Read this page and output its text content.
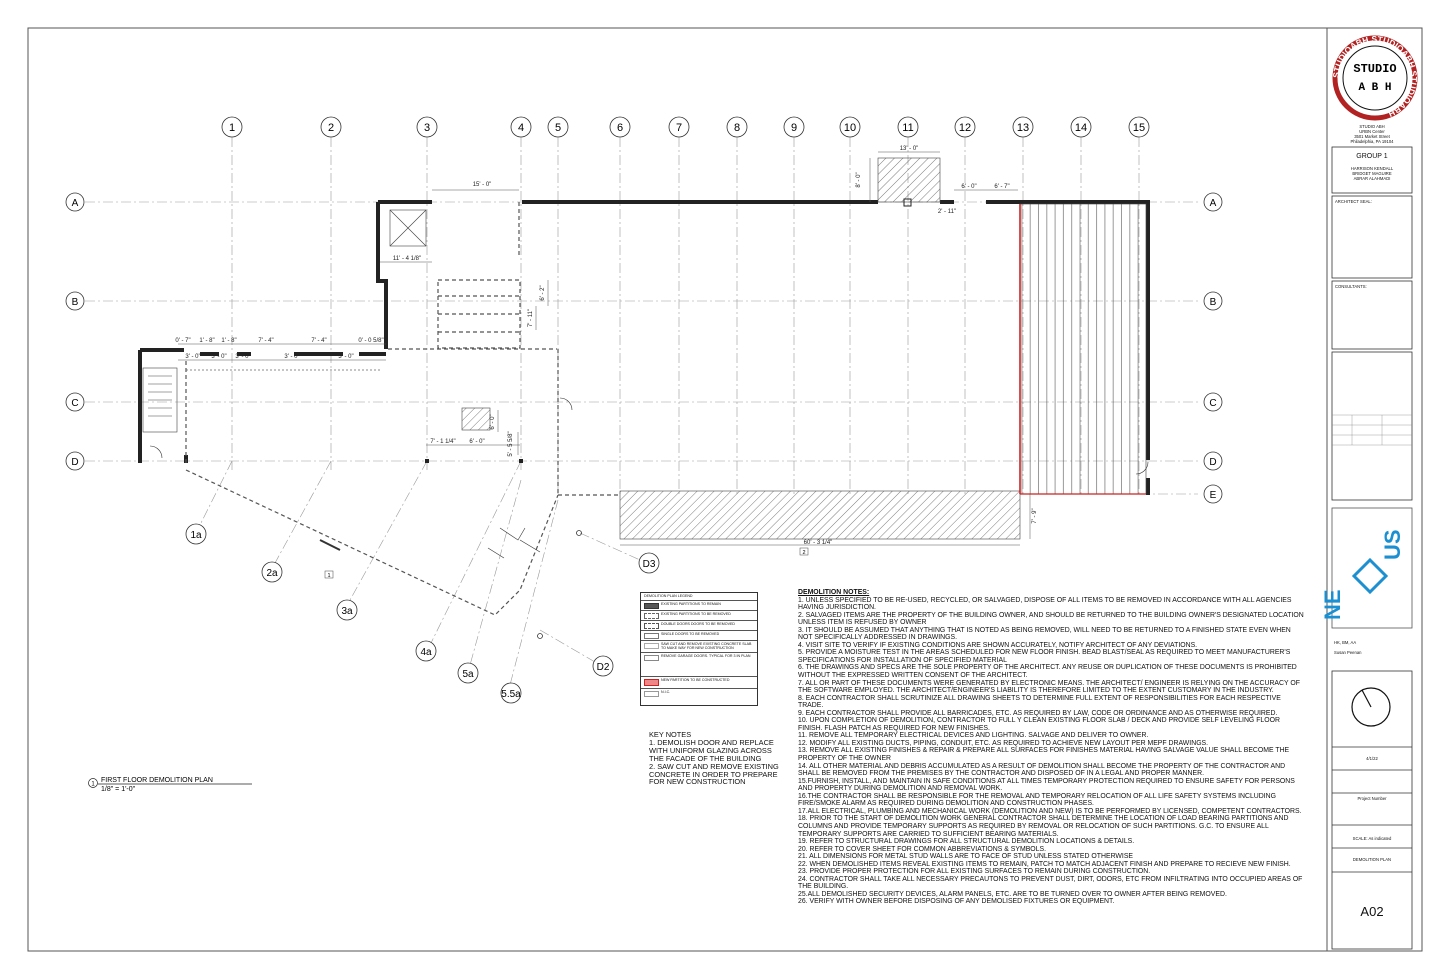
1	2	3	4	5	6	7	8	9	10	11	12	13	14	15
A	A
B	B
C	C
D	D
E
1a
2a
3a
4a
5a
5.5a
D2
D3
15' - 0"
13' - 0"
8' - 0"	6' - 0"	6' - 7"
2' - 11"
11' - 4 1/8"
6' - 2"
7' - 11"
0' - 7" 1' - 8" 1' - 8"	7' - 4"	7' - 4"
3' - 0" 3' - 0" 3' - 0"	3' - 0"	3' - 0"
0' - 0 5/8"
6' - 0"
6' - 0"
7' - 1 1/4"	5' - 5 5/8"
7' - 9"
60' - 3 1/4"
2
1
STUDIO
A B H
NE
US
1
FIRST FLOOR DEMOLITION PLAN
1/8" = 1'-0"
STUDIOABH STUDIOABH STUDIOABH
DEMOLITION PLAN LEGEND
EXISTING PARTITIONS TO REMAIN
EXISTING PARTITIONS TO BE REMOVED
DOUBLE DOORS DOORS TO BE REMOVED
SINGLE DOORS TO BE REMOVED
SAW CUT AND REMOVE EXISTING CONCRETE SLAB TO MAKE WAY FOR NEW CONSTRUCTION
REMOVE GARAGE DOORS. TYPICAL FOR 3 IN PLAN
NEW PARTITION TO BE CONSTRUCTED
N.I.C.
KEY NOTES
1. DEMOLISH DOOR AND REPLACE WITH UNIFORM GLAZING ACROSS THE FACADE OF THE BUILDING
2. SAW CUT AND REMOVE EXISTING CONCRETE IN ORDER TO PREPARE FOR NEW CONSTRUCTION
DEMOLITION NOTES:
1. UNLESS SPECIFIED TO BE RE-USED, RECYCLED, OR SALVAGED, DISPOSE OF ALL ITEMS TO BE REMOVED IN ACCORDANCE WITH ALL AGENCIES HAVING JURISDICTION.
2. SALVAGED ITEMS ARE THE PROPERTY OF THE BUILDING OWNER, AND SHOULD BE RETURNED TO THE BUILDING OWNER'S DESIGNATED LOCATION UNLESS ITEM IS REFUSED BY OWNER
3. IT SHOULD BE ASSUMED THAT ANYTHING THAT IS NOTED AS BEING REMOVED, WILL NEED TO BE RETURNED TO A FINISHED STATE EVEN WHEN NOT SPECIFICALLY ADDRESSED IN DRAWINGS.
4. VISIT SITE TO VERIFY IF EXISTING CONDITIONS ARE SHOWN ACCURATELY, NOTIFY ARCHITECT OF ANY DEVIATIONS.
5. PROVIDE A MOISTURE TEST IN THE AREAS SCHEDULED FOR NEW FLOOR FINISH. BEAD BLAST/SEAL AS REQUIRED TO MEET MANUFACTURER'S SPECIFICATIONS FOR INSTALLATION OF SPECIFIED MATERIAL
6. THE DRAWINGS AND SPECS ARE THE SOLE PROPERTY OF THE ARCHITECT. ANY REUSE OR DUPLICATION OF THESE DOCUMENTS IS PROHIBITED WITHOUT THE EXPRESSED WRITTEN CONSENT OF THE ARCHITECT.
7. ALL OR PART OF THESE DOCUMENTS WERE GENERATED BY ELECTRONIC MEANS. THE ARCHITECT/ ENGINEER IS RELYING ON THE ACCURACY OF THE SOFTWARE EMPLOYED. THE ARCHITECT/ENGINEER'S LIABILITY IS THEREFORE LIMITED TO THE EXTENT CUSTOMARY IN THE INDUSTRY.
8. EACH CONTRACTOR SHALL SCRUTINIZE ALL DRAWING SHEETS TO DETERMINE FULL EXTENT OF RESPONSIBILITIES FOR EACH RESPECTIVE TRADE.
9. EACH CONTRACTOR SHALL PROVIDE ALL BARRICADES, ETC. AS REQUIRED BY LAW, CODE OR ORDINANCE AND AS OTHERWISE REQUIRED.
10. UPON COMPLETION OF DEMOLITION, CONTRACTOR TO FULL Y CLEAN EXISTING FLOOR SLAB / DECK AND PROVIDE SELF LEVELING FLOOR FINISH. FLASH PATCH AS REQUIRED FOR NEW FINISHES.
11. REMOVE ALL TEMPORARY ELECTRICAL DEVICES AND LIGHTING. SALVAGE AND DELIVER TO OWNER.
12. MODIFY ALL EXISTING DUCTS, PIPING, CONDUIT, ETC. AS REQUIRED TO ACHIEVE NEW LAYOUT PER MEPF DRAWINGS.
13. REMOVE ALL EXISTING FINISHES & REPAIR & PREPARE ALL SURFACES FOR FINISHES MATERIAL HAVING SALVAGE VALUE SHALL BECOME THE PROPERTY OF THE OWNER
14. ALL OTHER MATERIAL AND DEBRIS ACCUMULATED AS A RESULT OF DEMOLITION SHALL BECOME THE PROPERTY OF THE CONTRACTOR AND SHALL BE REMOVED FROM THE PREMISES BY THE CONTRACTOR AND DISPOSED OF IN A LEGAL AND PROPER MANNER.
15.FURNISH, INSTALL, AND MAINTAIN IN SAFE CONDITIONS AT ALL TIMES TEMPORARY PROTECTION REQUIRED TO ENSURE SAFETY FOR PERSONS AND PROPERTY DURING DEMOLITION AND REMOVAL WORK.
16.THE CONTRACTOR SHALL BE RESPONSIBLE FOR THE REMOVAL AND TEMPORARY RELOCATION OF ALL LIFE SAFETY SYSTEMS INCLUDING FIRE/SMOKE ALARM AS REQUIRED DURING DEMOLITION AND CONSTRUCTION PHASES.
17.ALL ELECTRICAL, PLUMBING AND MECHANICAL WORK (DEMOLITION AND NEW) IS TO BE PERFORMED BY LICENSED, COMPETENT CONTRACTORS.
18. PRIOR TO THE START OF DEMOLITION WORK GENERAL CONTRACTOR SHALL DETERMINE THE LOCATION OF LOAD BEARING PARTITIONS AND COLUMNS AND PROVIDE TEMPORARY SUPPORTS AS REQUIRED BY REMOVAL OR RELOCATION OF SUCH PARTITIONS. G.C. TO ENSURE ALL TEMPORARY SUPPORTS ARE CARRIED TO SUFFICIENT BEARING MATERIALS.
19. REFER TO STRUCTURAL DRAWINGS FOR ALL STRUCTURAL DEMOLITION LOCATIONS & DETAILS.
20. REFER TO COVER SHEET FOR COMMON ABBREVIATIONS & SYMBOLS.
21. ALL DIMENSIONS FOR METAL STUD WALLS ARE TO FACE OF STUD UNLESS STATED OTHERWISE
22. WHEN DEMOLISHED ITEMS REVEAL EXISTING ITEMS TO REMAIN, PATCH TO MATCH ADJACENT FINISH AND PREPARE TO RECIEVE NEW FINISH.
23. PROVIDE PROPER PROTECTION FOR ALL EXISTING SURFACES TO REMAIN DURING CONSTRUCTION.
24. CONTRACTOR SHALL TAKE ALL NECESSARY PRECAUTONS TO PREVENT DUST, DIRT, ODORS, ETC FROM INFILTRATING INTO OCCUPIED AREAS OF THE BUILDING.
25.ALL DEMOLISHED SECURITY DEVICES, ALARM PANELS, ETC. ARE TO BE TURNED OVER TO OWNER AFTER BEING REMOVED.
26. VERIFY WITH OWNER BEFORE DISPOSING OF ANY DEMOLISED FIXTURES OR EQUIPMENT.
STUDIO ABH
URBN Center
3501 Market Street
Philadelphia, PA 19104
GROUP 1
HARRISON KENDALL
BRIDGET MAGUIRE
ABRAR ALAHMADI
ARCHITECT SEAL:
CONSULTANTS:
HK, BM, AA
Susan Peenan
4/1/22
Project Number
SCALE: As indicated
DEMOLITION PLAN
A02
